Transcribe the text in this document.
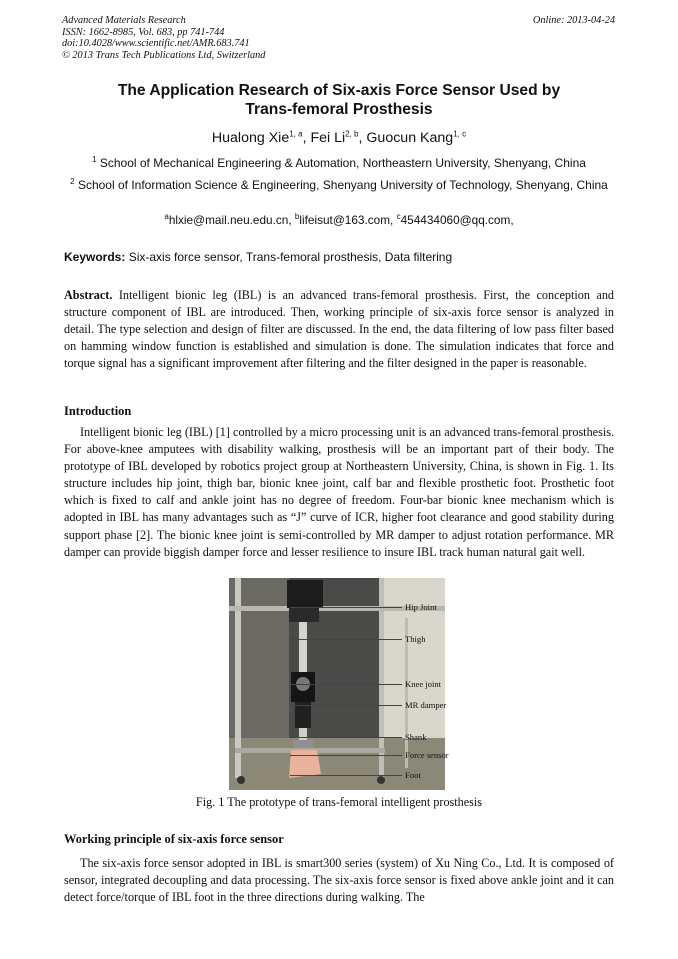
Advanced Materials Research
ISSN: 1662-8985, Vol. 683, pp 741-744
doi:10.4028/www.scientific.net/AMR.683.741
© 2013 Trans Tech Publications Ltd, Switzerland
Online: 2013-04-24
The Application Research of Six-axis Force Sensor Used by
Trans-femoral Prosthesis
Hualong Xie$^{1, a}$, Fei Li$^{2, b}$, Guocun Kang$^{1, c}$
$^1$ School of Mechanical Engineering & Automation, Northeastern University, Shenyang, China
$^2$ School of Information Science & Engineering, Shenyang University of Technology, Shenyang, China
$^a$hlxie@mail.neu.edu.cn, $^b$lifeisut@163.com, $^c$454434060@qq.com,
Keywords: Six-axis force sensor, Trans-femoral prosthesis, Data filtering
Abstract. Intelligent bionic leg (IBL) is an advanced trans-femoral prosthesis. First, the conception and structure component of IBL are introduced. Then, working principle of six-axis force sensor is analyzed in detail. The type selection and design of filter are discussed. In the end, the data filtering of low pass filter based on hamming window function is established and simulation is done. The simulation indicates that force and torque signal has a significant improvement after filtering and the filter designed in the paper is reasonable.
Introduction
Intelligent bionic leg (IBL) [1] controlled by a micro processing unit is an advanced trans-femoral prosthesis. For above-knee amputees with disability walking, prosthesis will be an important part of their body. The prototype of IBL developed by robotics project group at Northeastern University, China, is shown in Fig. 1. Its structure includes hip joint, thigh bar, bionic knee joint, calf bar and flexible prosthetic foot. Prosthetic foot which is fixed to calf and ankle joint has no degree of freedom. Four-bar bionic knee mechanism which is adopted in IBL has many advantages such as “J” curve of ICR, higher foot clearance and good stability during support phase [2]. The bionic knee joint is semi-controlled by MR damper to adjust rotation performance. MR damper can provide biggish damper force and lesser resilience to insure IBL track human natural gait well.
Hip Joint
Thigh
Knee joint
MR damper
Shank
Force sensor
Foot
Fig. 1 The prototype of trans-femoral intelligent prosthesis
Working principle of six-axis force sensor
The six-axis force sensor adopted in IBL is smart300 series (system) of Xu Ning Co., Ltd. It is composed of sensor, integrated decoupling and data processing. The six-axis force sensor is fixed above ankle joint and it can detect force/torque of IBL foot in the three directions during walking. The
